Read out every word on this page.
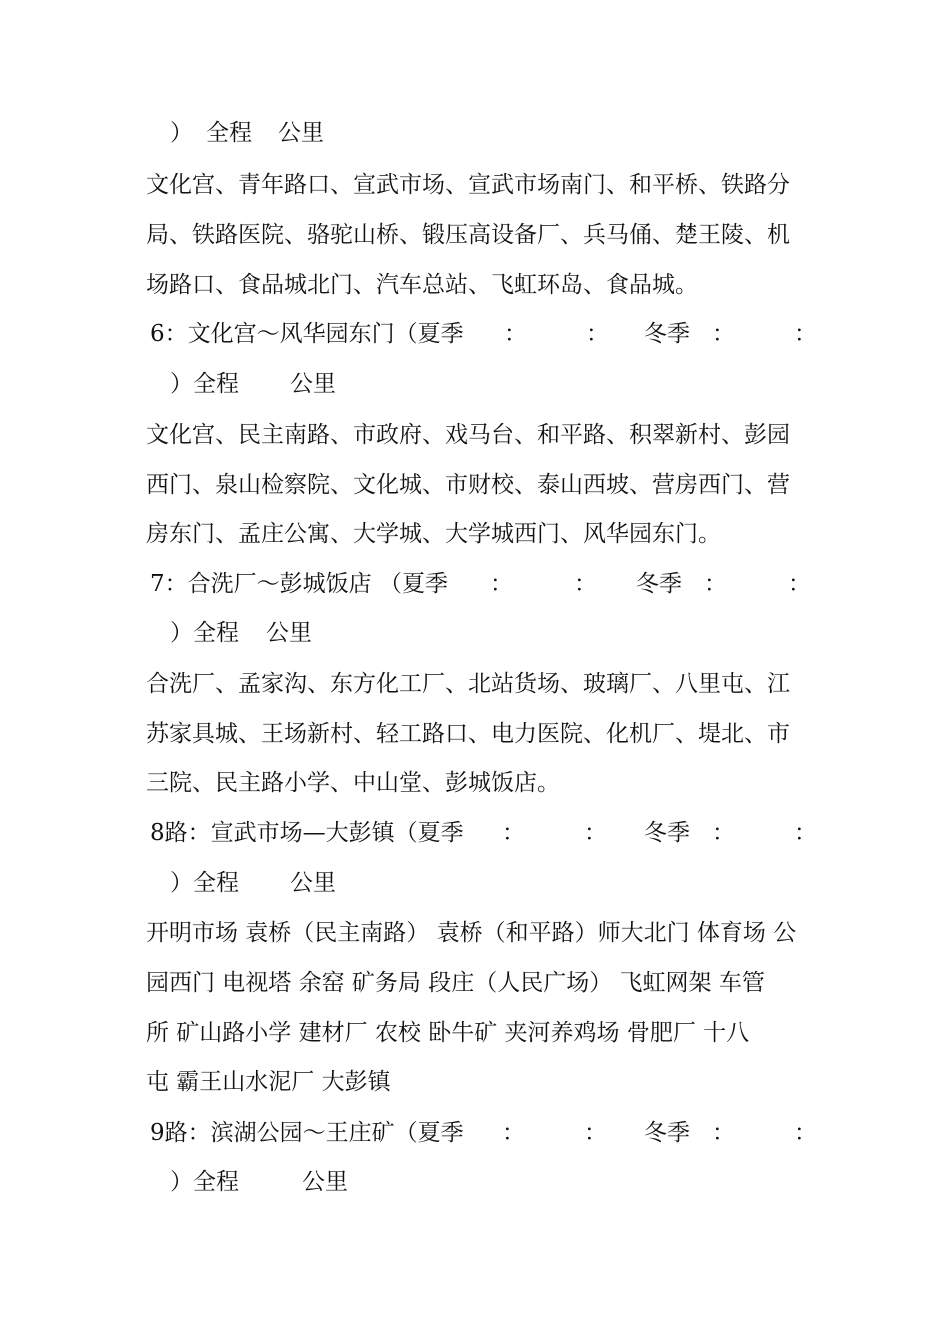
） 全程 公里
文化宫、青年路口、宣武市场、宣武市场南门、和平桥、铁路分
局、铁路医院、骆驼山桥、锻压高设备厂、兵马俑、楚王陵、机
场路口、食品城北门、汽车总站、飞虹环岛、食品城。
6：文化宫～风华园东门（夏季 ：	： 冬季 ：	：
）全程 公里
文化宫、民主南路、市政府、戏马台、和平路、积翠新村、彭园
西门、泉山检察院、文化城、市财校、泰山西坡、营房西门、营
房东门、孟庄公寓、大学城、大学城西门、风华园东门。
7：合洗厂～彭城饭店 （夏季 ：	： 冬季 ：	：
）全程 公里
合洗厂、孟家沟、东方化工厂、北站货场、玻璃厂、八里屯、江
苏家具城、王场新村、轻工路口、电力医院、化机厂、堤北、市
三院、民主路小学、中山堂、彭城饭店。
8路：宣武市场—大彭镇（夏季 ：	： 冬季 ：	：
）全程 公里
开明市场 袁桥（民主南路） 袁桥（和平路）师大北门 体育场 公
园西门 电视塔 余窑 矿务局 段庄（人民广场） 飞虹网架 车管
所 矿山路小学 建材厂 农校 卧牛矿 夹河养鸡场 骨肥厂 十八
屯 霸王山水泥厂 大彭镇
9路：滨湖公园～王庄矿（夏季 ：	： 冬季 ：	：
）全程	公里
